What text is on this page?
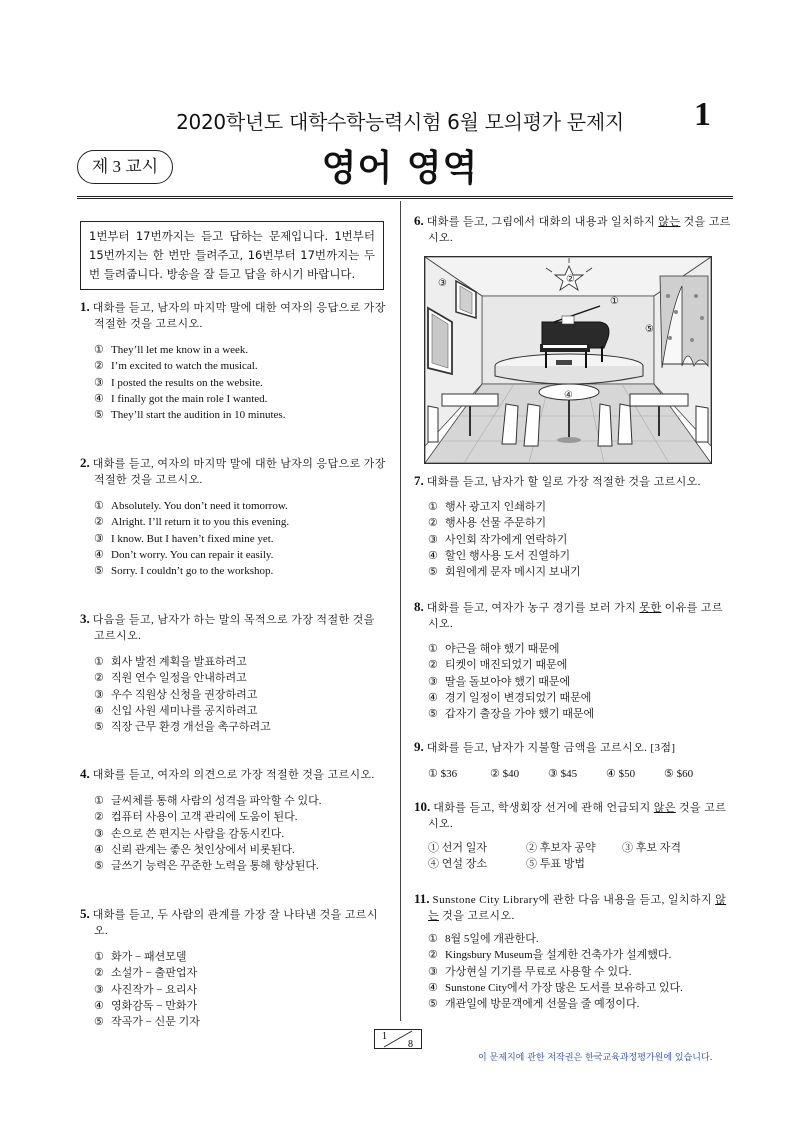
2020학년도 대학수학능력시험 6월 모의평가 문제지 1
제 3 교시	영어 영역
1번부터 17번까지는 듣고 답하는 문제입니다. 1번부터 15번까지는 한 번만 들려주고, 16번부터 17번까지는 두 번 들려줍니다. 방송을 잘 듣고 답을 하시기 바랍니다.
1. 대화를 듣고, 남자의 마지막 말에 대한 여자의 응답으로 가장 적절한 것을 고르시오.
① They’ll let me know in a week.
② I’m excited to watch the musical.
③ I posted the results on the website.
④ I finally got the main role I wanted.
⑤ They’ll start the audition in 10 minutes.
2. 대화를 듣고, 여자의 마지막 말에 대한 남자의 응답으로 가장 적절한 것을 고르시오.
① Absolutely. You don’t need it tomorrow.
② Alright. I’ll return it to you this evening.
③ I know. But I haven’t fixed mine yet.
④ Don’t worry. You can repair it easily.
⑤ Sorry. I couldn’t go to the workshop.
3. 다음을 듣고, 남자가 하는 말의 목적으로 가장 적절한 것을 고르시오.
① 회사 발전 계획을 발표하려고
② 직원 연수 일정을 안내하려고
③ 우수 직원상 신청을 권장하려고
④ 신입 사원 세미나를 공지하려고
⑤ 직장 근무 환경 개선을 촉구하려고
4. 대화를 듣고, 여자의 의견으로 가장 적절한 것을 고르시오.
① 글씨체를 통해 사람의 성격을 파악할 수 있다.
② 컴퓨터 사용이 고객 관리에 도움이 된다.
③ 손으로 쓴 편지는 사람을 감동시킨다.
④ 신뢰 관계는 좋은 첫인상에서 비롯된다.
⑤ 글쓰기 능력은 꾸준한 노력을 통해 향상된다.
5. 대화를 듣고, 두 사람의 관계를 가장 잘 나타낸 것을 고르시오.
① 화가 − 패션모델
② 소설가 − 출판업자
③ 사진작가 − 요리사
④ 영화감독 − 만화가
⑤ 작곡가 − 신문 기자
6. 대화를 듣고, 그림에서 대화의 내용과 일치하지 않는 것을 고르시오.
②
③
①
⑤
④
7. 대화를 듣고, 남자가 할 일로 가장 적절한 것을 고르시오.
① 행사 광고지 인쇄하기
② 행사용 선물 주문하기
③ 사인회 작가에게 연락하기
④ 할인 행사용 도서 진열하기
⑤ 회원에게 문자 메시지 보내기
8. 대화를 듣고, 여자가 농구 경기를 보러 가지 못한 이유를 고르시오.
① 야근을 해야 했기 때문에
② 티켓이 매진되었기 때문에
③ 딸을 돌보아야 했기 때문에
④ 경기 일정이 변경되었기 때문에
⑤ 갑자기 출장을 가야 했기 때문에
9. 대화를 듣고, 남자가 지불할 금액을 고르시오. [3점]
① $36	② $40	③ $45	④ $50	⑤ $60
10. 대화를 듣고, 학생회장 선거에 관해 언급되지 않은 것을 고르시오.
① 선거 일자	② 후보자 공약 ③ 후보 자격
④ 연설 장소	⑤ 투표 방법
11. Sunstone City Library에 관한 다음 내용을 듣고, 일치하지 않는 것을 고르시오.
① 8월 5일에 개관한다.
② Kingsbury Museum을 설계한 건축가가 설계했다.
③ 가상현실 기기를 무료로 사용할 수 있다.
④ Sunstone City에서 가장 많은 도서를 보유하고 있다.
⑤ 개관일에 방문객에게 선물을 줄 예정이다.
1
8
이 문제지에 관한 저작권은 한국교육과정평가원에 있습니다.
